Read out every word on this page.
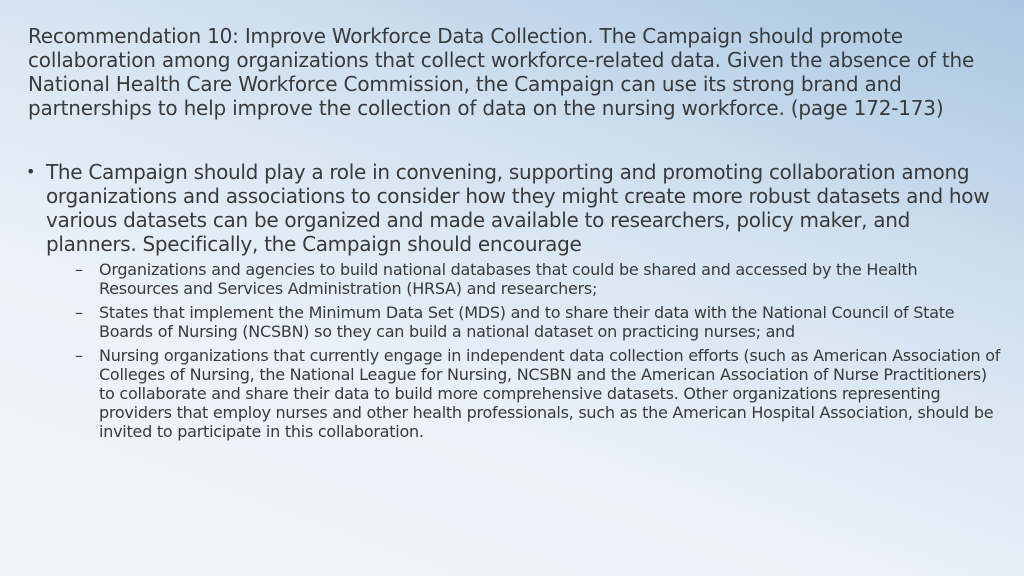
Recommendation 10: Improve Workforce Data Collection. The Campaign should promote collaboration among organizations that collect workforce-related data. Given the absence of the National Health Care Workforce Commission, the Campaign can use its strong brand and partnerships to help improve the collection of data on the nursing workforce. (page 172-173)

• The Campaign should play a role in convening, supporting and promoting collaboration among organizations and associations to consider how they might create more robust datasets and how various datasets can be organized and made available to researchers, policy maker, and planners. Specifically, the Campaign should encourage
– Organizations and agencies to build national databases that could be shared and accessed by the Health Resources and Services Administration (HRSA) and researchers;
– States that implement the Minimum Data Set (MDS) and to share their data with the National Council of State Boards of Nursing (NCSBN) so they can build a national dataset on practicing nurses; and
– Nursing organizations that currently engage in independent data collection efforts (such as American Association of Colleges of Nursing, the National League for Nursing, NCSBN and the American Association of Nurse Practitioners) to collaborate and share their data to build more comprehensive datasets. Other organizations representing providers that employ nurses and other health professionals, such as the American Hospital Association, should be invited to participate in this collaboration.
